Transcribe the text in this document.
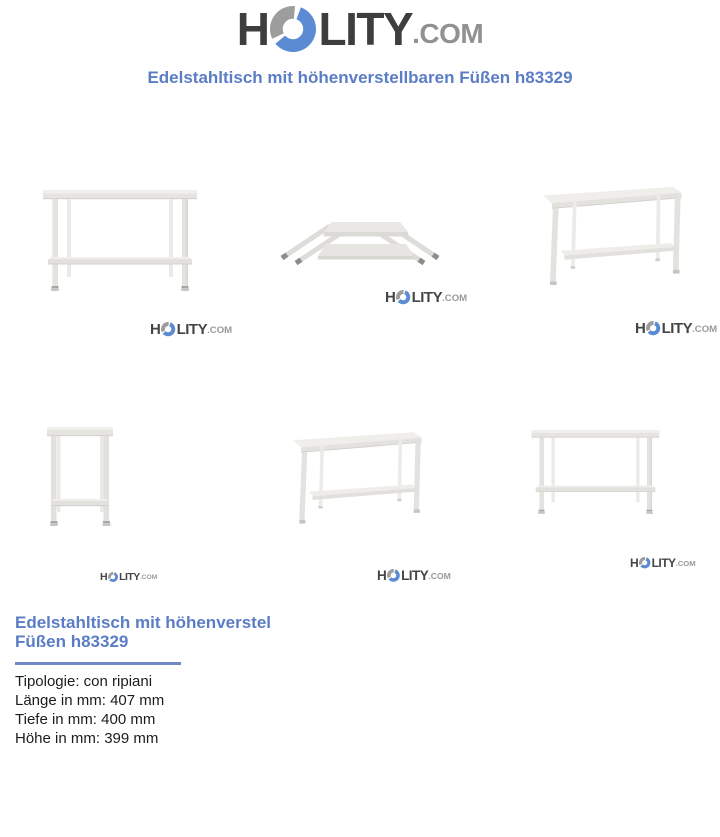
H LITY .COM
Edelstahltisch mit höhenverstellbaren Füßen h83329
H LITY .COM
H LITY .COM
H LITY .COM
H LITY .COM	H LITY .COM
H LITY .COM
Edelstahltisch mit höhenverstel
Füßen h83329
Tipologie : con ripiani
Länge in mm : 407 mm
Tiefe in mm : 400 mm
Höhe in mm : 399 mm
